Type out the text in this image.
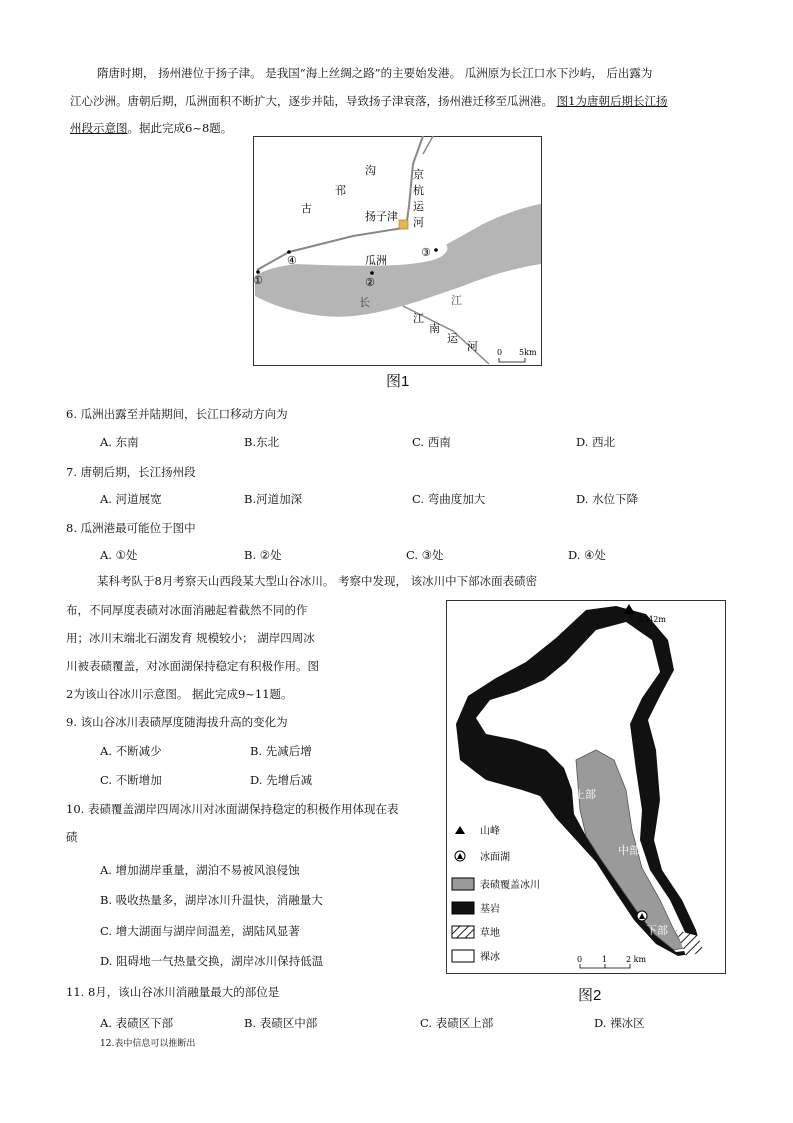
隋唐时期， 扬州港位于扬子津。 是我国“海上丝绸之路”的主要始发港。 瓜洲原为长江口水下沙屿， 后出露为
江心沙洲。唐朝后期，瓜洲面积不断扩大，逐步并陆，导致扬子津衰落，扬州港迁移至瓜洲港。 图1为唐朝后期长江扬
州段示意图。据此完成6~8题。
沟
邗
古
京
杭
运
河
扬子津
瓜洲
长	江	长江口
江
南
运
河
①
④
②
③
0 5km
图1
6. 瓜洲出露至并陆期间，长江口移动方向为
A. 东南	B.东北	C. 西南	D. 西北
7. 唐朝后期，长江扬州段
A. 河道展宽	B.河道加深	C. 弯曲度加大	D. 水位下降
8. 瓜洲港最可能位于图中
A. ①处	B. ②处	C. ③处	D. ④处
某科考队于8月考察天山西段某大型山谷冰川。 考察中发现， 该冰川中下部冰面表碛密
布，不同厚度表碛对冰面消融起着截然不同的作
用；冰川末端北石湖发育 规模较小； 湖岸四周冰
川被表碛覆盖，对冰面湖保持稳定有积极作用。图
2为该山谷冰川示意图。 据此完成9~11题。
5342m
上部
中部
下部
山峰
冰面湖
表碛覆盖冰川
基岩
草地
裸冰	0 1 2 km
图2
9. 该山谷冰川表碛厚度随海拔升高的变化为
A. 不断减少	B. 先减后增
C. 不断增加	D. 先增后减
10. 表碛覆盖湖岸四周冰川对冰面湖保持稳定的积极作用体现在表
碛
A. 增加湖岸重量，湖泊不易被风浪侵蚀
B. 吸收热量多，湖岸冰川升温快，消融量大
C. 增大湖面与湖岸间温差，湖陆风显著
D. 阻碍地一气热量交换，湖岸冰川保持低温
11. 8月，该山谷冰川消融量最大的部位是
A. 表碛区下部	B. 表碛区中部	C. 表碛区上部	D. 裸冰区
12.表中信息可以推断出
